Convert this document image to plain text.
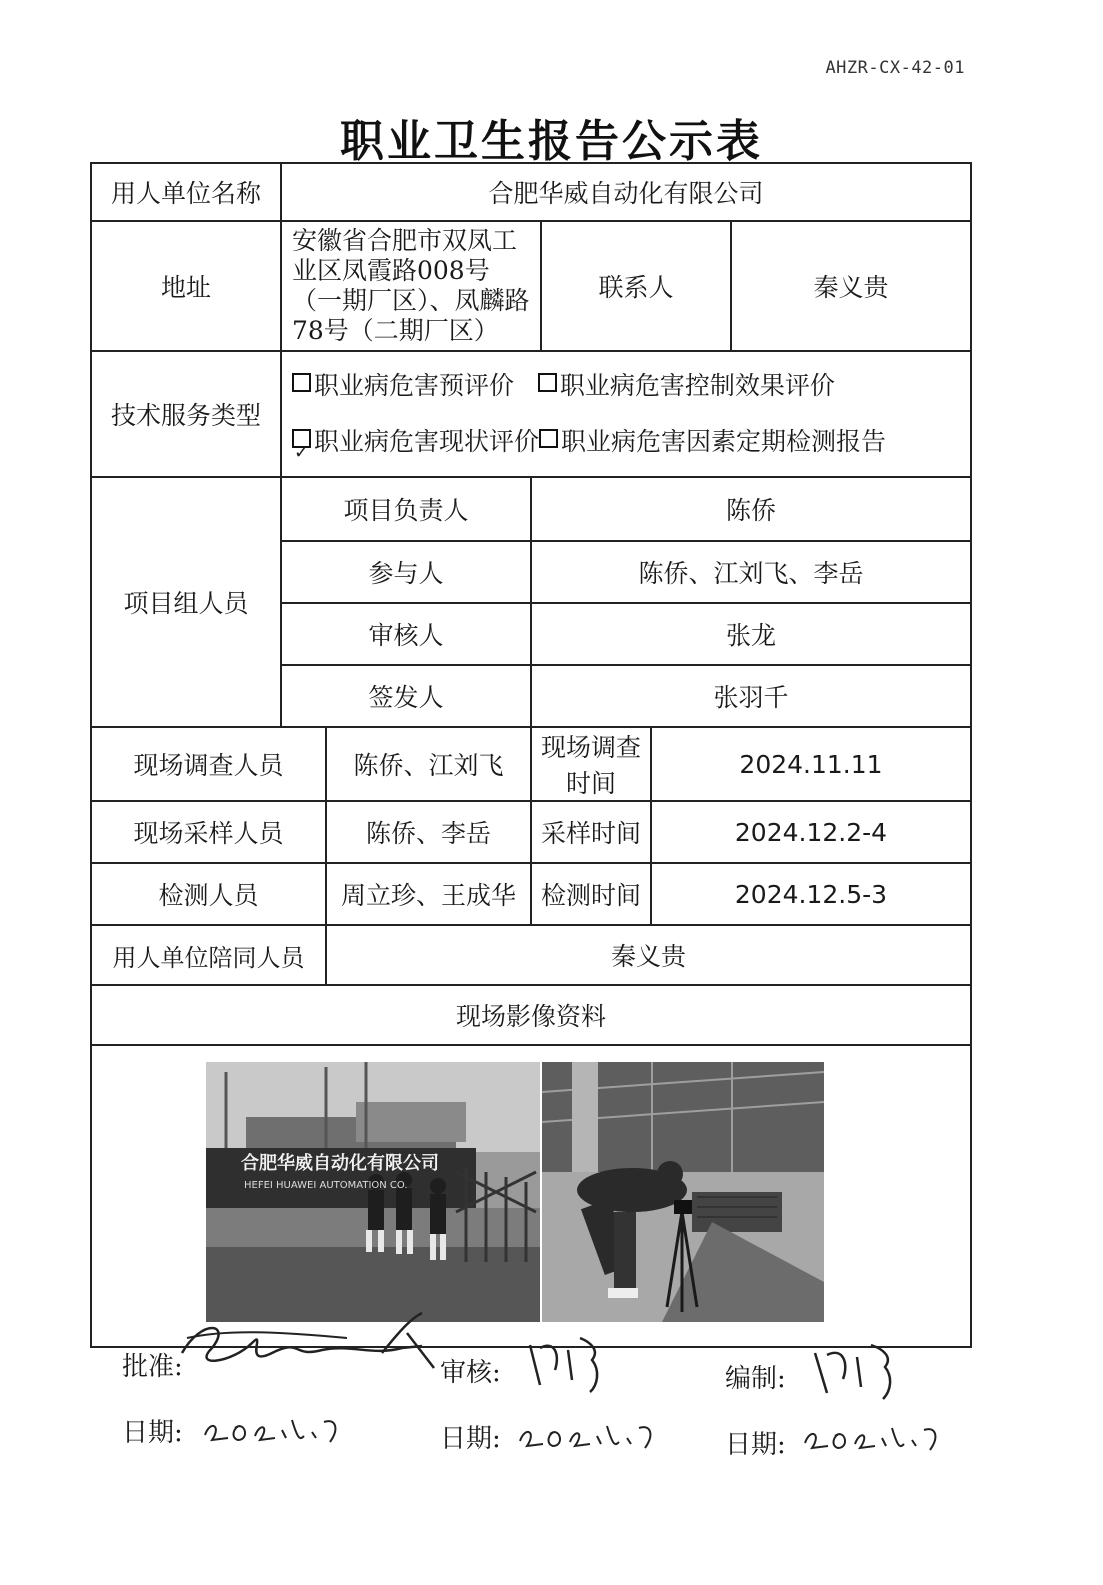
AHZR-CX-42-01
职业卫生报告公示表
用人单位名称	合肥华威自动化有限公司					
地址	安徽省合肥市双凤工业区凤霞路008号（一期厂区）、凤麟路78号（二期厂区）			联系人		秦义贵
技术服务类型	职业病危害预评价 职业病危害控制效果评价
✓职业病危害现状评价 职业病危害因素定期检测报告

项目组人员	项目负责人		陈侨			
	参与人		陈侨、江刘飞、李岳			
	审核人		张龙			
	签发人		张羽千			
现场调查人员		陈侨、江刘飞	现场调查时间		2024.11.11	
现场采样人员		陈侨、李岳	采样时间		2024.12.2-4	
检测人员		周立珍、王成华	检测时间		2024.12.5-3	
用人单位陪同人员		秦义贵				
现场影像资料						

合肥华威自动化有限公司
HEFEI HUAWEI AUTOMATION CO.						
批准:	审核:	编制:
日期:	日期:	日期:
